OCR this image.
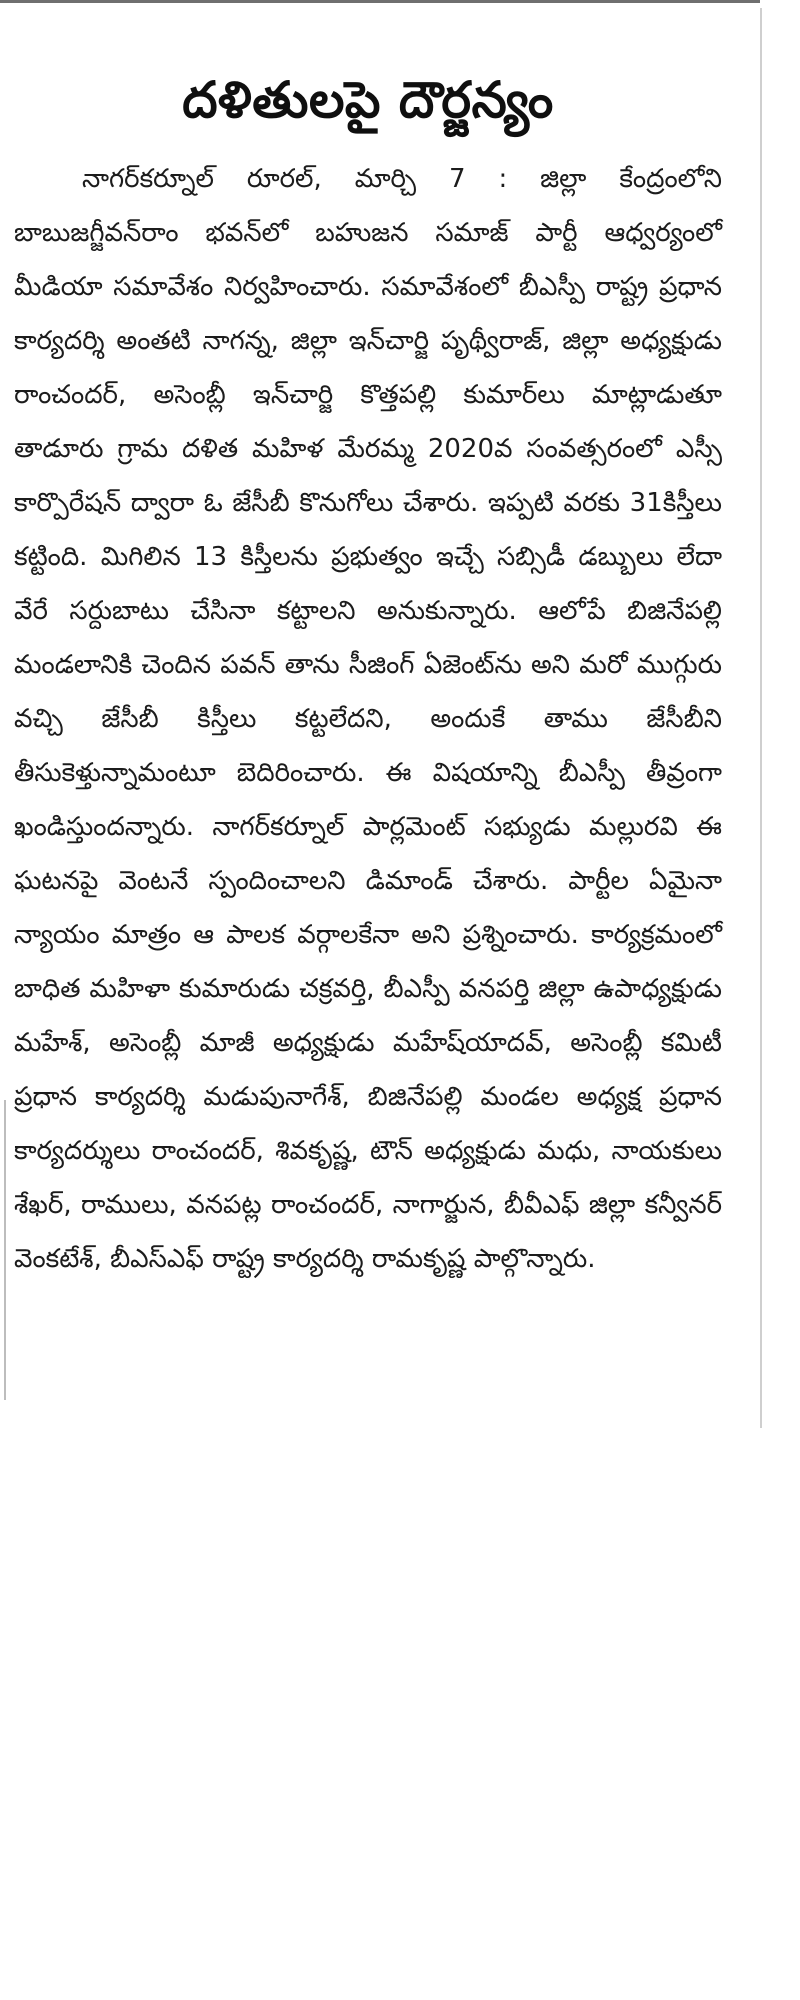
దళితులపై దౌర్జన్యం

నాగర్‌కర్నూల్ రూరల్, మార్చి 7 : జిల్లా కేంద్రంలోని బాబుజగ్జీవన్‌రాం భవన్‌లో బహుజన సమాజ్ పార్టీ ఆధ్వర్యంలో మీడియా సమావేశం నిర్వహించారు. సమావేశంలో బీఎస్పీ రాష్ట్ర ప్రధాన కార్యదర్శి అంతటి నాగన్న, జిల్లా ఇన్‌చార్జి పృథ్వీరాజ్, జిల్లా అధ్యక్షుడు రాంచందర్, అసెంబ్లీ ఇన్‌చార్జి కొత్తపల్లి కుమార్‌లు మాట్లాడుతూ తాడూరు గ్రామ దళిత మహిళ మేరమ్మ 2020వ సంవత్సరంలో ఎస్సీ కార్పొరేషన్ ద్వారా ఓ జేసీబీ కొనుగోలు చేశారు. ఇప్పటి వరకు 31కిస్తీలు కట్టింది. మిగిలిన 13 కిస్తీలను ప్రభుత్వం ఇచ్చే సబ్సిడీ డబ్బులు లేదా వేరే సర్దుబాటు చేసినా కట్టాలని అనుకున్నారు. ఆలోపే బిజినేపల్లి మండలానికి చెందిన పవన్ తాను సీజింగ్ ఏజెంట్‌ను అని మరో ముగ్గురు వచ్చి జేసీబీ కిస్తీలు కట్టలేదని, అందుకే తాము జేసీబీని తీసుకెళ్తున్నామంటూ బెదిరించారు. ఈ విషయాన్ని బీఎస్పీ తీవ్రంగా ఖండిస్తుందన్నారు. నాగర్‌కర్నూల్ పార్లమెంట్ సభ్యుడు మల్లురవి ఈ ఘటనపై వెంటనే స్పందించాలని డిమాండ్ చేశారు. పార్టీల ఏమైనా న్యాయం మాత్రం ఆ పాలక వర్గాలకేనా అని ప్రశ్నించారు. కార్యక్రమంలో బాధిత మహిళా కుమారుడు చక్రవర్తి, బీఎస్పీ వనపర్తి జిల్లా ఉపాధ్యక్షుడు మహేశ్, అసెంబ్లీ మాజీ అధ్యక్షుడు మహేష్‌యాదవ్, అసెంబ్లీ కమిటీ ప్రధాన కార్యదర్శి మడుపునాగేశ్, బిజినేపల్లి మండల అధ్యక్ష ప్రధాన కార్యదర్శులు రాంచందర్, శివకృష్ణ, టౌన్ అధ్యక్షుడు మధు, నాయకులు శేఖర్, రాములు, వనపట్ల రాంచందర్, నాగార్జున, బీవీఎఫ్ జిల్లా కన్వీనర్ వెంకటేశ్, బీఎస్ఎఫ్ రాష్ట్ర కార్యదర్శి రామకృష్ణ పాల్గొన్నారు.
